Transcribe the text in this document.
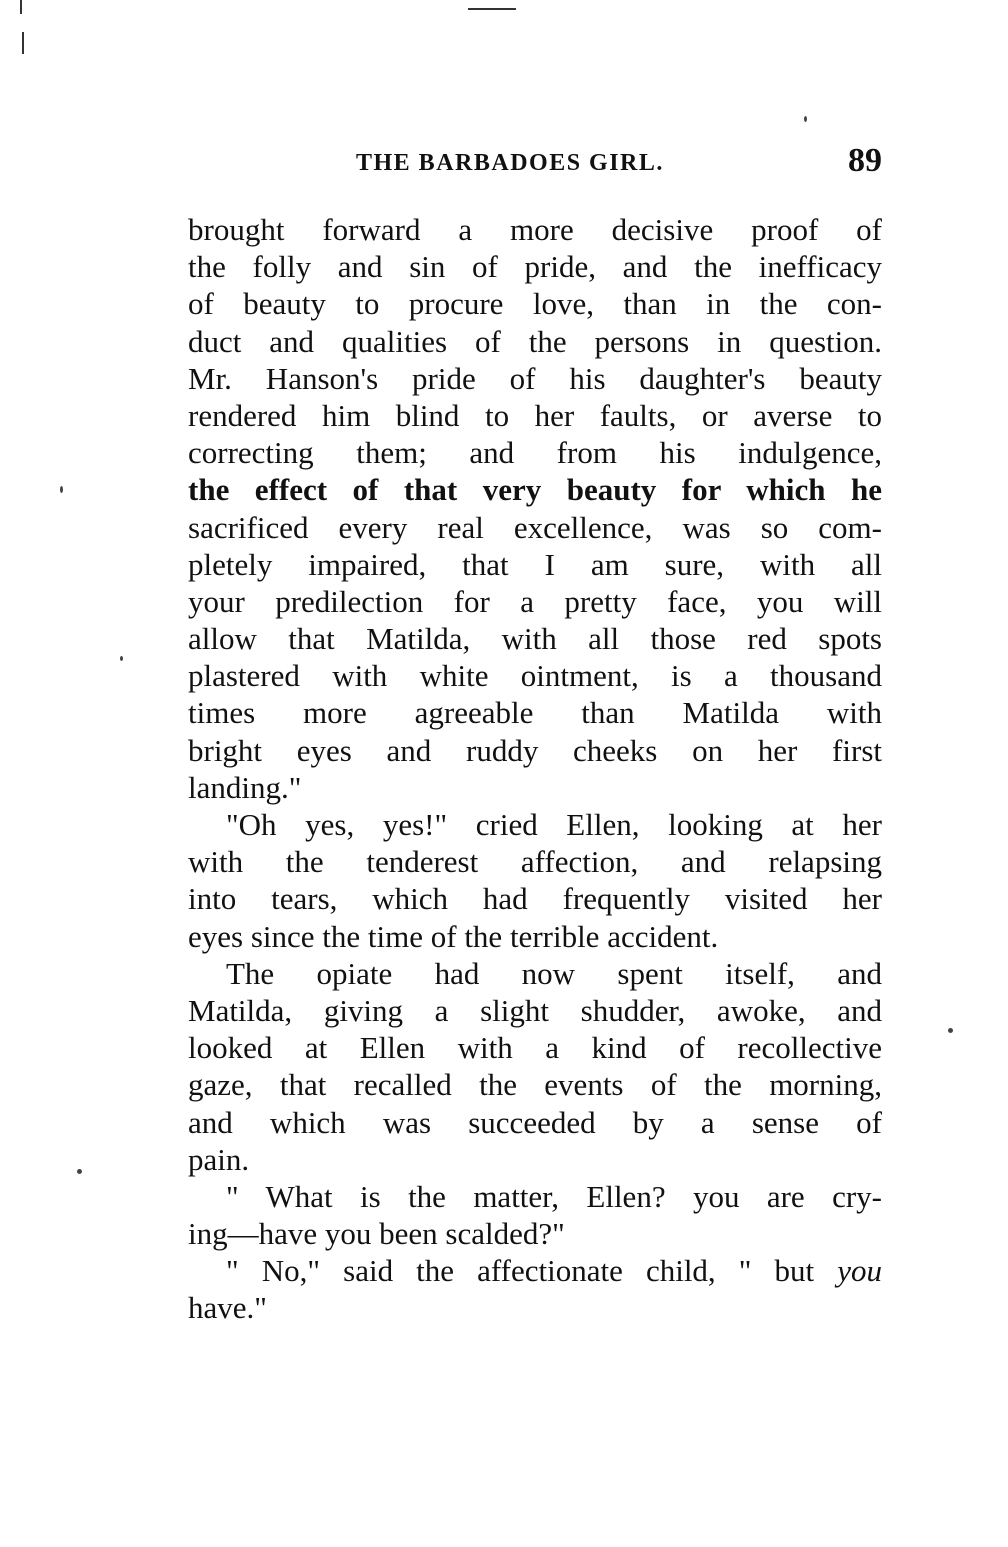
THE BARBADOES GIRL.	89
brought forward a more decisive proof of
the folly and sin of pride, and the inefficacy
of beauty to procure love, than in the con-
duct and qualities of the persons in question.
Mr. Hanson's pride of his daughter's beauty
rendered him blind to her faults, or averse to
correcting them; and from his indulgence,
the effect of that very beauty for which he
sacrificed every real excellence, was so com-
pletely impaired, that I am sure, with all
your predilection for a pretty face, you will
allow that Matilda, with all those red spots
plastered with white ointment, is a thousand
times more agreeable than Matilda with
bright eyes and ruddy cheeks on her first
landing."
"Oh yes, yes!" cried Ellen, looking at her
with the tenderest affection, and relapsing
into tears, which had frequently visited her
eyes since the time of the terrible accident.
The opiate had now spent itself, and
Matilda, giving a slight shudder, awoke, and
looked at Ellen with a kind of recollective
gaze, that recalled the events of the morning,
and which was succeeded by a sense of
pain.
" What is the matter, Ellen? you are cry-
ing—have you been scalded?"
" No," said the affectionate child, " but you
have."
